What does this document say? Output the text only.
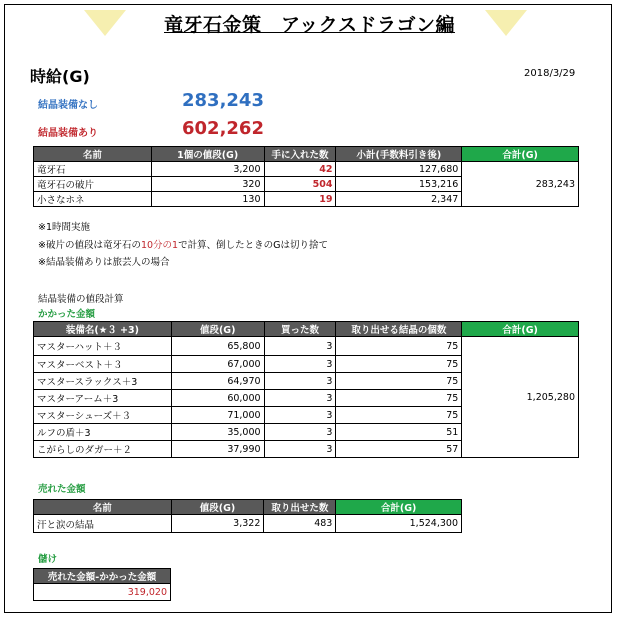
竜牙石金策　アックスドラゴン編
時給(G)	2018/3/29
結晶装備なし	283,243
結晶装備あり	602,262
名前	1個の値段(G)	手に入れた数	小計(手数料引き後)	合計(G)
竜牙石	3,200	42	127,680	283,243
竜牙石の破片	320	504	153,216	
小さなホネ	130	19	2,347	
※1時間実施
※破片の値段は竜牙石の10分の1で計算、倒したときのGは切り捨て
※結晶装備ありは旅芸人の場合
結晶装備の値段計算
かかった金額
装備名(★３ +3)	値段(G)	買った数	取り出せる結晶の個数	合計(G)
マスターハット＋３	65,800	3	75	1,205,280
マスターベスト＋３	67,000	3	75	
マスタースラックス＋3	64,970	3	75	
マスターアーム＋3	60,000	3	75	
マスターシューズ＋３	71,000	3	75	
ルフの盾＋3	35,000	3	51	
こがらしのダガー＋２	37,990	3	57	
売れた金額
名前	値段(G)	取り出せた数	合計(G)
汗と涙の結晶	3,322	483	1,524,300
儲け
売れた金額-かかった金額
319,020
